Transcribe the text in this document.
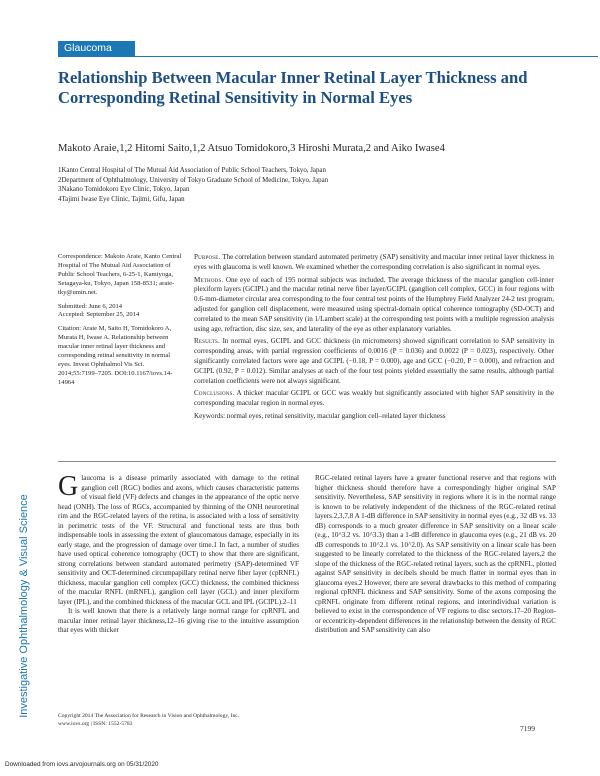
Glaucoma
Relationship Between Macular Inner Retinal Layer Thickness and Corresponding Retinal Sensitivity in Normal Eyes
Makoto Araie,1,2 Hitomi Saito,1,2 Atsuo Tomidokoro,3 Hiroshi Murata,2 and Aiko Iwase4
1Kanto Central Hospital of The Mutual Aid Association of Public School Teachers, Tokyo, Japan
2Department of Ophthalmology, University of Tokyo Graduate School of Medicine, Tokyo, Japan
3Nakano Tomidokoro Eye Clinic, Tokyo, Japan
4Tajimi Iwase Eye Clinic, Tajimi, Gifu, Japan

Correspondence: Makoto Araie, Kanto Central Hospital of The Mutual Aid Association of Public School Teachers, 6-25-1, Kamiyoga, Setagaya-ku, Tokyo, Japan 158-8531; araie-tky@umin.net.

Submitted: June 6, 2014

Accepted: September 25, 2014

Citation: Araie M, Saito H, Tomidokoro A, Murata H, Iwase A. Relationship between macular inner retinal layer thickness and corresponding retinal sensitivity in normal eyes. Invest Ophthalmol Vis Sci. 2014;55:7199–7205. DOI:10.1167/iovs.14-14964

Purpose. The correlation between standard automated perimetry (SAP) sensitivity and macular inner retinal layer thickness in eyes with glaucoma is well known. We examined whether the corresponding correlation is also significant in normal eyes.

Methods. One eye of each of 195 normal subjects was included. The average thickness of the macular ganglion cell-inner plexiform layers (GCIPL) and the macular retinal nerve fiber layer/GCIPL (ganglion cell complex, GCC) in four regions with 0.6-mm-diameter circular area corresponding to the four central test points of the Humphrey Field Analyzer 24-2 test program, adjusted for ganglion cell displacement, were measured using spectral-domain optical coherence tomography (SD-OCT) and correlated to the mean SAP sensitivity (in 1/Lambert scale) at the corresponding test points with a multiple regression analysis using age, refraction, disc size, sex, and laterality of the eye as other explanatory variables.

Results. In normal eyes, GCIPL and GCC thickness (in micrometers) showed significant correlation to SAP sensitivity in corresponding areas, with partial regression coefficients of 0.0016 (P = 0.036) and 0.0022 (P = 0.023), respectively. Other significantly correlated factors were age and GCIPL (−0.18, P = 0.000), age and GCC (−0.20, P = 0.000), and refraction and GCIPL (0.92, P = 0.012). Similar analyses at each of the four test points yielded essentially the same results, although partial correlation coefficients were not always significant.

Conclusions. A thicker macular GCIPL or GCC was weakly but significantly associated with higher SAP sensitivity in the corresponding macular region in normal eyes.

Keywords: normal eyes, retinal sensitivity, macular ganglion cell–related layer thickness

Glaucoma is a disease primarily associated with damage to the retinal ganglion cell (RGC) bodies and axons, which causes characteristic patterns of visual field (VF) defects and changes in the appearance of the optic nerve head (ONH). The loss of RGCs, accompanied by thinning of the ONH neuroretinal rim and the RGC-related layers of the retina, is associated with a loss of sensitivity in perimetric tests of the VF. Structural and functional tests are thus both indispensable tools in assessing the extent of glaucomatous damage, especially in its early stage, and the progression of damage over time.1 In fact, a number of studies have used optical coherence tomography (OCT) to show that there are significant, strong correlations between standard automated perimetry (SAP)-determined VF sensitivity and OCT-determined circumpapillary retinal nerve fiber layer (cpRNFL) thickness, macular ganglion cell complex (GCC) thickness, the combined thickness of the macular RNFL (mRNFL), ganglion cell layer (GCL) and inner plexiform layer (IPL), and the combined thickness of the macular GCL and IPL (GCIPL).2–11

It is well known that there is a relatively large normal range for cpRNFL and macular inner retinal layer thickness,12–16 giving rise to the intuitive assumption that eyes with thicker

RGC-related retinal layers have a greater functional reserve and that regions with higher thickness should therefore have a correspondingly higher original SAP sensitivity. Nevertheless, SAP sensitivity in regions where it is in the normal range is known to be relatively independent of the thickness of the RGC-related retinal layers.2,3,7,8 A 1-dB difference in SAP sensitivity in normal eyes (e.g., 32 dB vs. 33 dB) corresponds to a much greater difference in SAP sensitivity on a linear scale (e.g., 10^3.2 vs. 10^3.3) than a 1-dB difference in glaucoma eyes (e.g., 21 dB vs. 20 dB corresponds to 10^2.1 vs. 10^2.0). As SAP sensitivity on a linear scale has been suggested to be linearly correlated to the thickness of the RGC-related layers,2 the slope of the thickness of the RGC-related retinal layers, such as the cpRNFL, plotted against SAP sensitivity in decibels should be much flatter in normal eyes than in glaucoma eyes.2 However, there are several drawbacks to this method of comparing regional cpRNFL thickness and SAP sensitivity. Some of the axons composing the cpRNFL originate from different retinal regions, and interindividual variation is believed to exist in the correspondence of VF regions to disc sectors.17–20 Region- or eccentricity-dependent differences in the relationship between the density of RGC distribution and SAP sensitivity can also

Investigative Ophthalmology & Visual Science	Copyright 2014 The Association for Research in Vision and Ophthalmology, Inc.
www.iovs.org | ISSN: 1552-5783	7199
Downloaded from iovs.arvojournals.org on 05/31/2020
